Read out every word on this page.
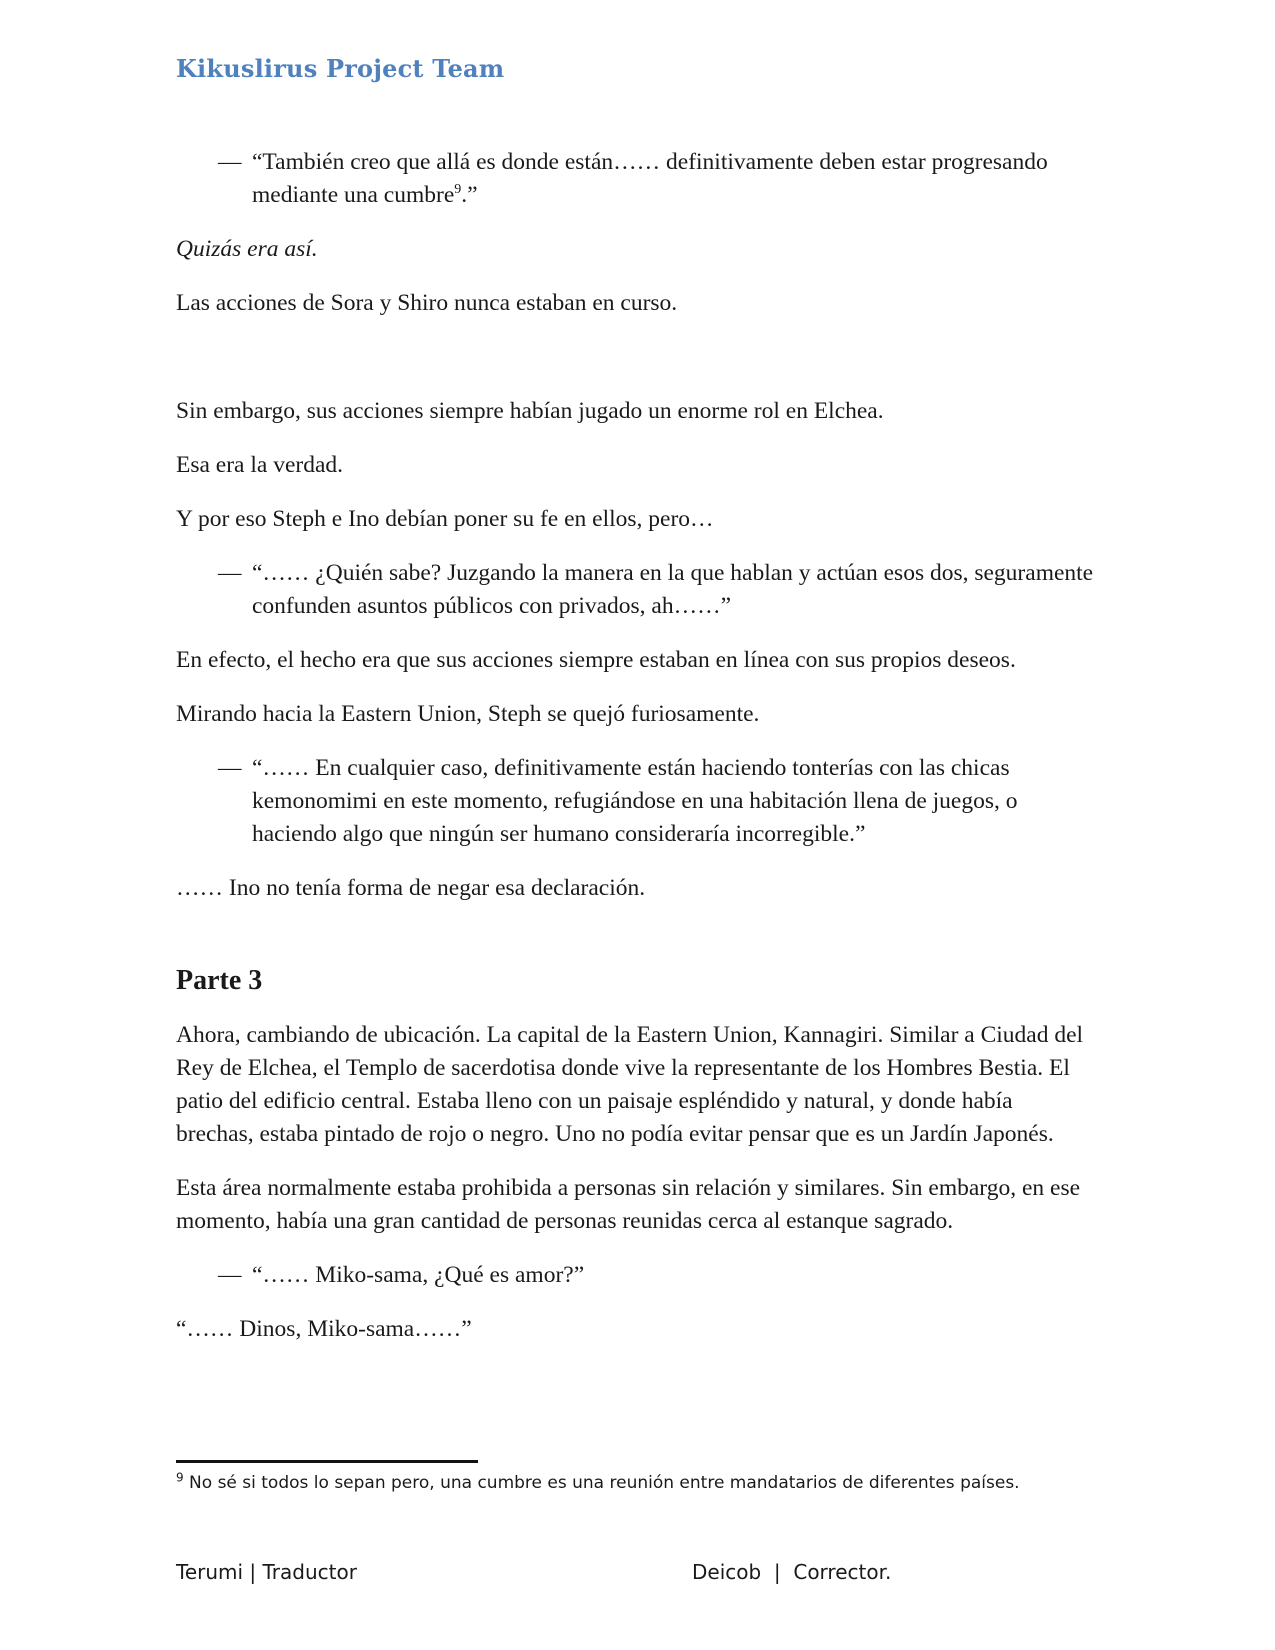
Kikuslirus Project Team
— “También creo que allá es donde están…… definitivamente deben estar progresando mediante una cumbre$^9$.”

Quizás era así.

Las acciones de Sora y Shiro nunca estaban en curso.

Sin embargo, sus acciones siempre habían jugado un enorme rol en Elchea.

Esa era la verdad.

Y por eso Steph e Ino debían poner su fe en ellos, pero…

— “…… ¿Quién sabe? Juzgando la manera en la que hablan y actúan esos dos, seguramente confunden asuntos públicos con privados, ah……”

En efecto, el hecho era que sus acciones siempre estaban en línea con sus propios deseos.

Mirando hacia la Eastern Union, Steph se quejó furiosamente.

— “…… En cualquier caso, definitivamente están haciendo tonterías con las chicas kemonomimi en este momento, refugiándose en una habitación llena de juegos, o haciendo algo que ningún ser humano consideraría incorregible.”

…… Ino no tenía forma de negar esa declaración.

Parte 3

Ahora, cambiando de ubicación. La capital de la Eastern Union, Kannagiri. Similar a Ciudad del Rey de Elchea, el Templo de sacerdotisa donde vive la representante de los Hombres Bestia. El patio del edificio central. Estaba lleno con un paisaje espléndido y natural, y donde había brechas, estaba pintado de rojo o negro. Uno no podía evitar pensar que es un Jardín Japonés.

Esta área normalmente estaba prohibida a personas sin relación y similares. Sin embargo, en ese momento, había una gran cantidad de personas reunidas cerca al estanque sagrado.

— “…… Miko-sama, ¿Qué es amor?”

“…… Dinos, Miko-sama……”

$^9$ No sé si todos lo sepan pero, una cumbre es una reunión entre mandatarios de diferentes países.
Terumi | Traductor	Deicob  |  Corrector.
